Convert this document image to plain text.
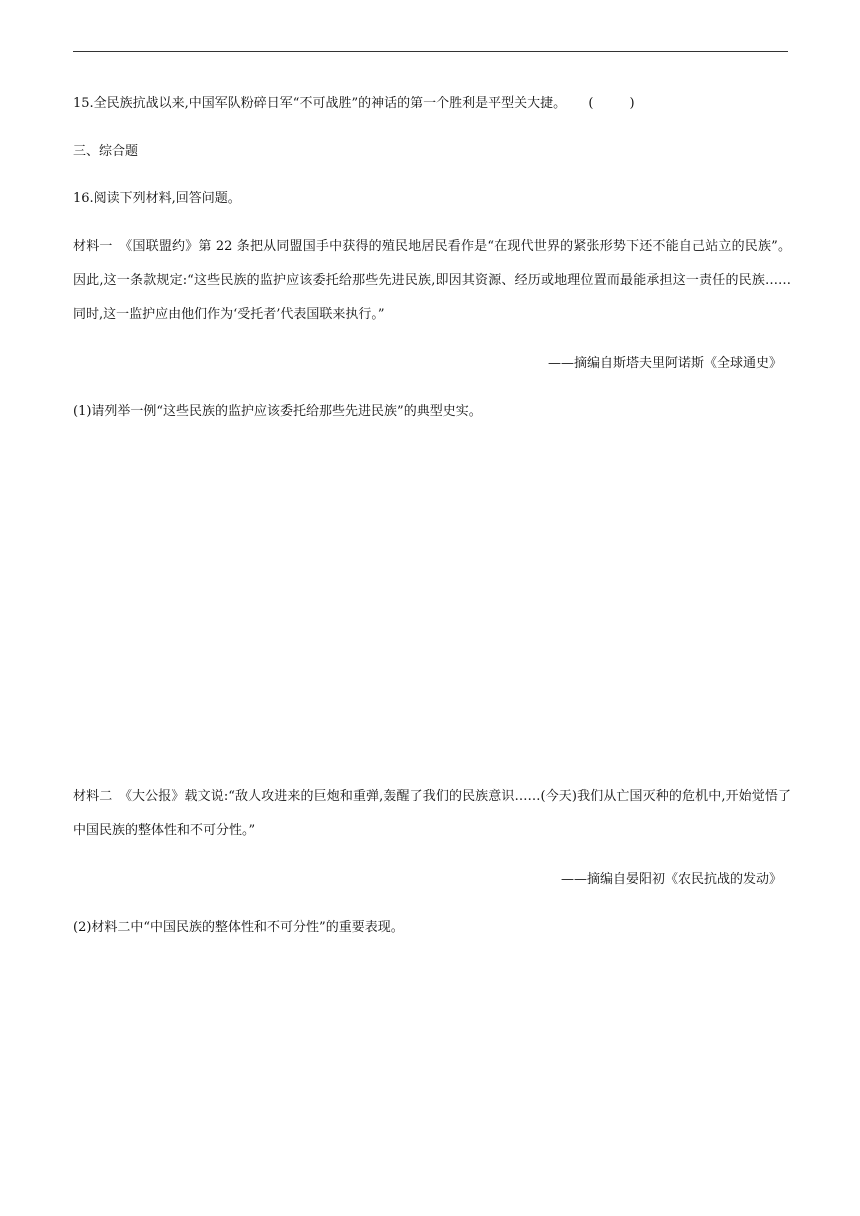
15.全民族抗战以来,中国军队粉碎日军“不可战胜”的神话的第一个胜利是平型关大捷。 (	)
三、综合题
16.阅读下列材料,回答问题。
材料一　《国联盟约》第 22 条把从同盟国手中获得的殖民地居民看作是“在现代世界的紧张形势下还不能自己站立的民族”。因此,这一条款规定:“这些民族的监护应该委托给那些先进民族,即因其资源、经历或地理位置而最能承担这一责任的民族……同时,这一监护应由他们作为‘受托者’代表国联来执行。”
——摘编自斯塔夫里阿诺斯《全球通史》
(1)请列举一例“这些民族的监护应该委托给那些先进民族”的典型史实。
材料二　《大公报》载文说:“敌人攻进来的巨炮和重弹,轰醒了我们的民族意识……(今天)我们从亡国灭种的危机中,开始觉悟了中国民族的整体性和不可分性。”
——摘编自晏阳初《农民抗战的发动》
(2)材料二中“中国民族的整体性和不可分性”的重要表现。
